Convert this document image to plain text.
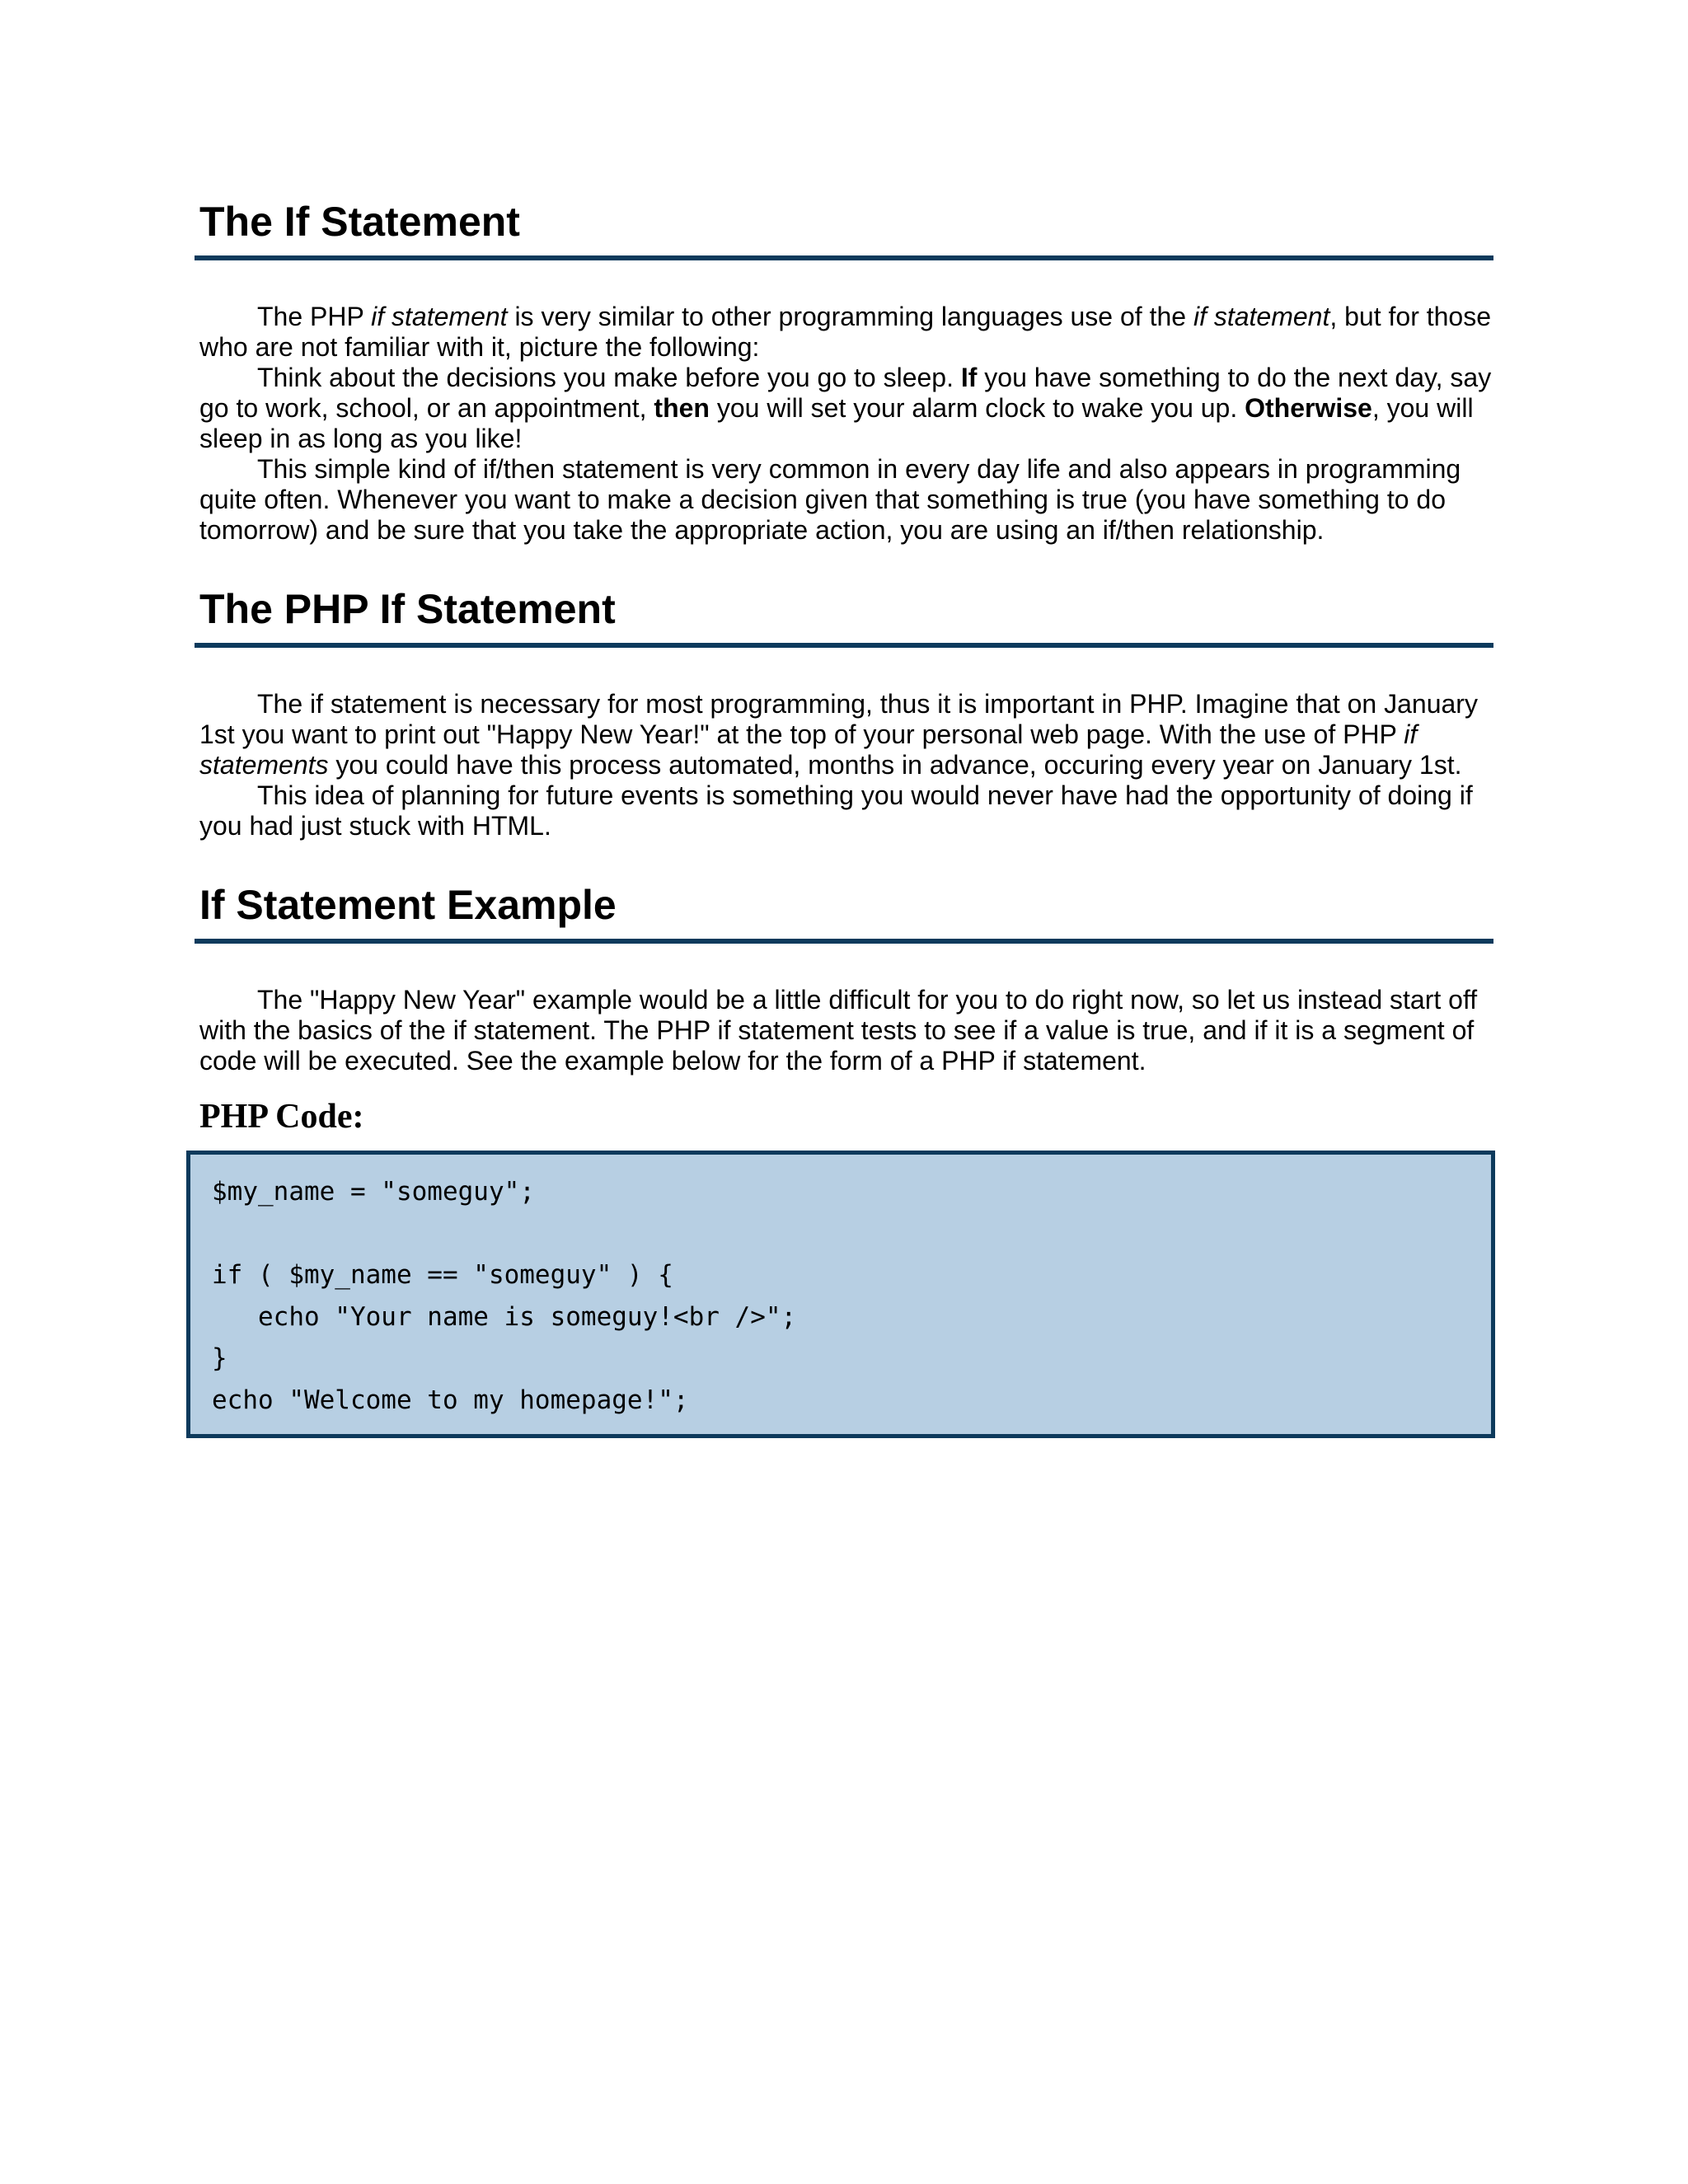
The If Statement

The PHP if statement is very similar to other programming languages use of the if statement, but for those who are not familiar with it, picture the following:

Think about the decisions you make before you go to sleep. If you have something to do the next day, say go to work, school, or an appointment, then you will set your alarm clock to wake you up. Otherwise, you will sleep in as long as you like!

This simple kind of if/then statement is very common in every day life and also appears in programming quite often. Whenever you want to make a decision given that something is true (you have something to do tomorrow) and be sure that you take the appropriate action, you are using an if/then relationship.

The PHP If Statement

The if statement is necessary for most programming, thus it is important in PHP. Imagine that on January 1st you want to print out "Happy New Year!" at the top of your personal web page. With the use of PHP if statements you could have this process automated, months in advance, occuring every year on January 1st.

This idea of planning for future events is something you would never have had the opportunity of doing if you had just stuck with HTML.

If Statement Example

The "Happy New Year" example would be a little difficult for you to do right now, so let us instead start off with the basics of the if statement. The PHP if statement tests to see if a value is true, and if it is a segment of code will be executed. See the example below for the form of a PHP if statement.

PHP Code:
$my_name = "someguy";
if ( $my_name == "someguy" ) {
echo "Your name is someguy!<br />";
}
echo "Welcome to my homepage!";
